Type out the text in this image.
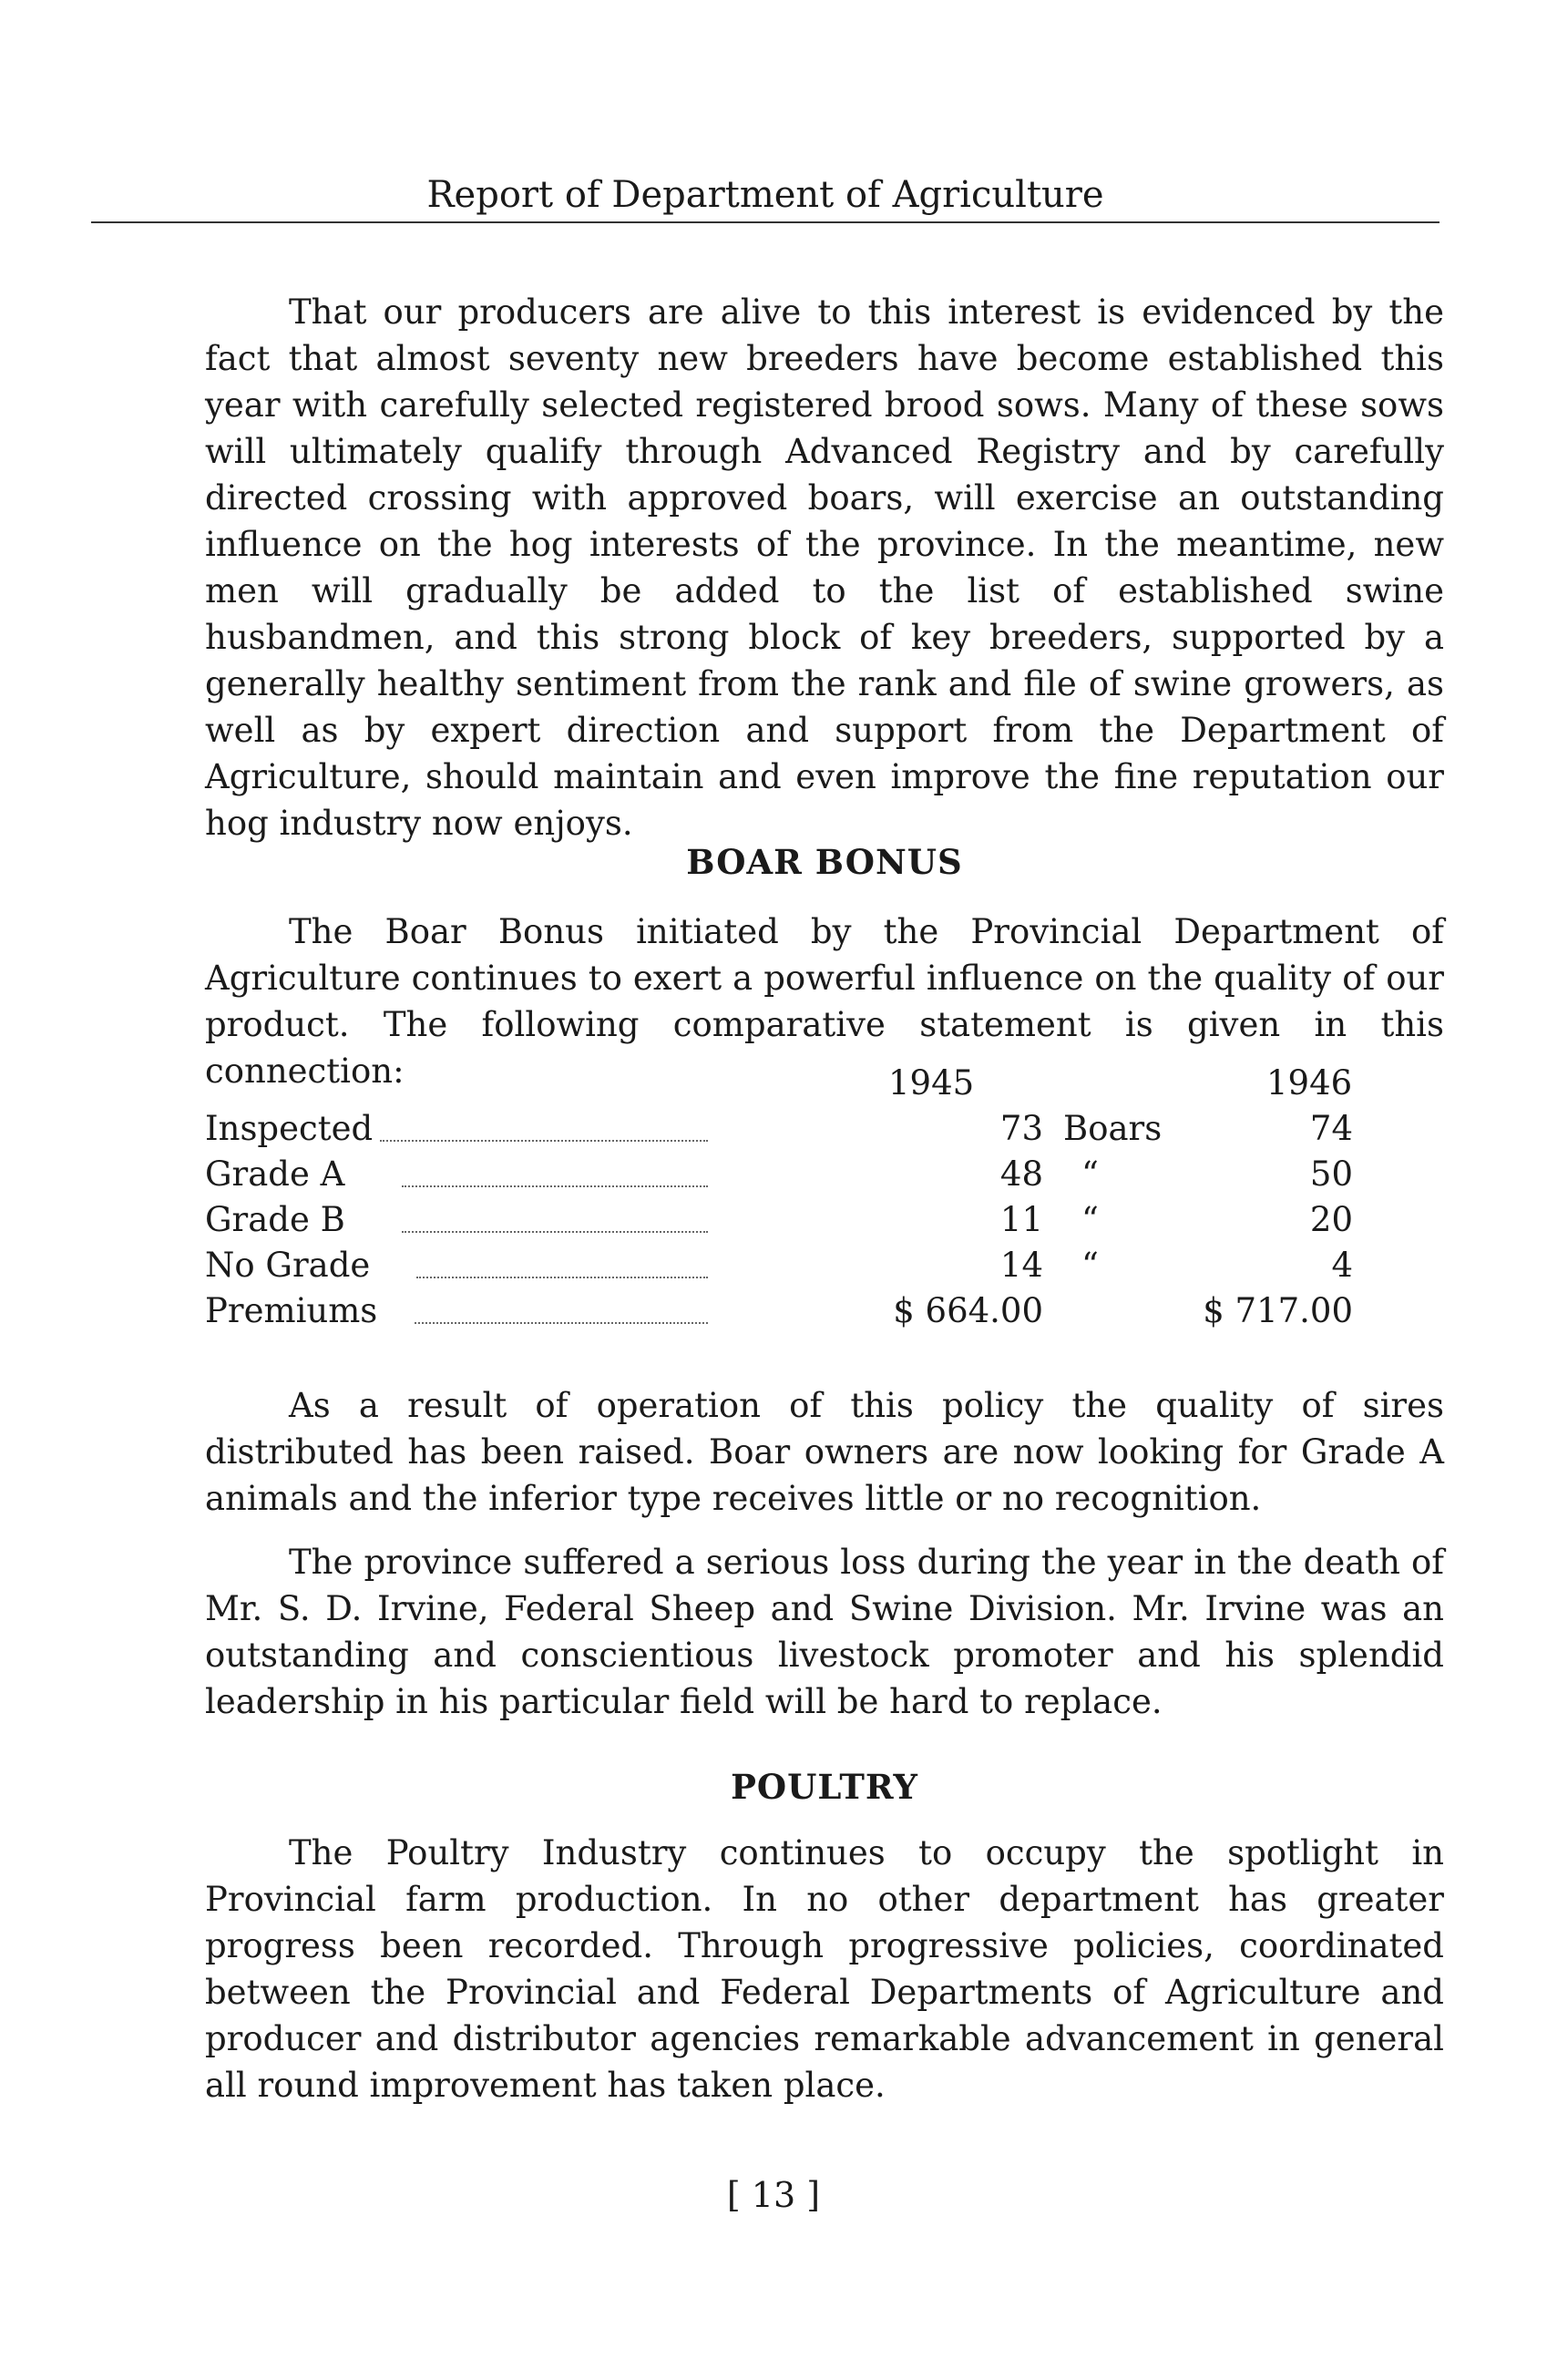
Report of Department of Agriculture

That our producers are alive to this interest is evidenced by the fact that almost seventy new breeders have become established this year with carefully selected registered brood sows. Many of these sows will ultimately qualify through Advanced Registry and by carefully directed crossing with approved boars, will exercise an outstanding influence on the hog interests of the province. In the meantime, new men will gradually be added to the list of established swine husbandmen, and this strong block of key breeders, supported by a generally healthy sentiment from the rank and file of swine growers, as well as by expert direction and support from the Department of Agriculture, should maintain and even improve the fine reputation our hog industry now enjoys.

BOAR BONUS

The Boar Bonus initiated by the Provincial Department of Agriculture continues to exert a powerful influence on the quality of our product. The following comparative statement is given in this connection:	1945	1946
Inspected	73 Boars	74
Grade A	48 “	50
Grade B	11 “	20
No Grade	14 “	4
Premiums	$ 664.00	$ 717.00

As a result of operation of this policy the quality of sires distributed has been raised. Boar owners are now looking for Grade A animals and the inferior type receives little or no recognition.

The province suffered a serious loss during the year in the death of Mr. S. D. Irvine, Federal Sheep and Swine Division. Mr. Irvine was an outstanding and conscientious livestock promoter and his splendid leadership in his particular field will be hard to replace.

POULTRY

The Poultry Industry continues to occupy the spotlight in Provincial farm production. In no other department has greater progress been recorded. Through progressive policies, coordinated between the Provincial and Federal Departments of Agriculture and producer and distributor agencies remarkable advancement in general all round improvement has taken place.

[ 13 ]
